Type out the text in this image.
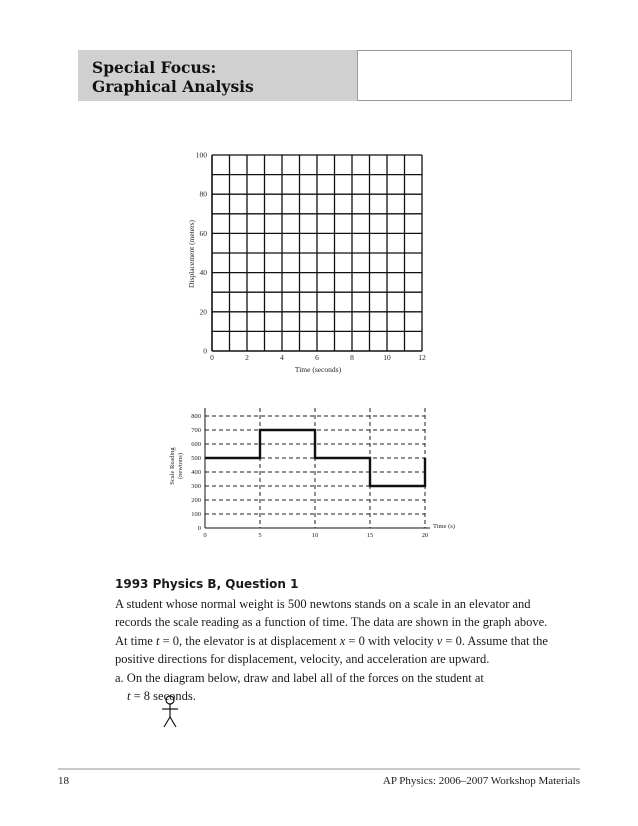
Special Focus:
Graphical Analysis
0
20
40
60
80
100
0	2	4	6	8	10	12
Time (seconds)
Displacement (meters)
0
100
200
300
400
500
600
700
800
0	5	10	15	20
Scale Reading (newtons)
Time (s)
1993 Physics B, Question 1

A student whose normal weight is 500 newtons stands on a scale in an elevator and

records the scale reading as a function of time. The data are shown in the graph above.

At time t = 0, the elevator is at displacement x = 0 with velocity v = 0. Assume that the

positive directions for displacement, velocity, and acceleration are upward.

a. On the diagram below, draw and label all of the forces on the student at
t = 8 seconds.

18	AP Physics: 2006–2007 Workshop Materials
